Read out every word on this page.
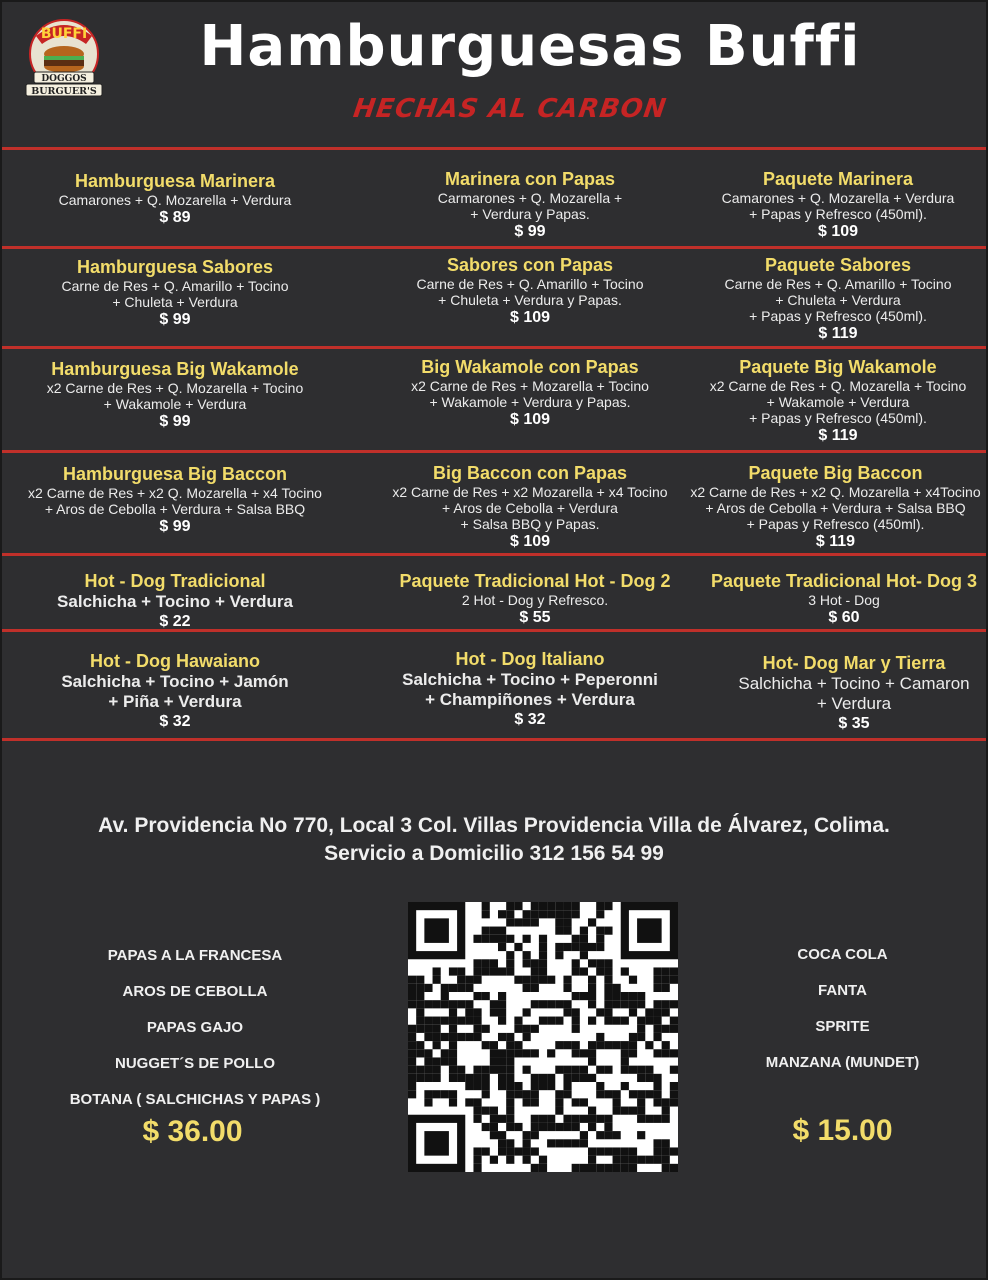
BUFFI
DOGGOS
BURGUER'S
Hamburguesas Buffi
HECHAS AL CARBON
Hamburguesa Marinera
Camarones + Q. Mozarella + Verdura
$ 89
Marinera con Papas
Carmarones + Q. Mozarella +
+ Verdura y Papas.
$ 99
Paquete Marinera
Camarones + Q. Mozarella + Verdura
+ Papas y Refresco (450ml).
$ 109
Hamburguesa Sabores
Carne de Res + Q. Amarillo + Tocino
+ Chuleta + Verdura
$ 99
Sabores con Papas
Carne de Res + Q. Amarillo + Tocino
+ Chuleta + Verdura y Papas.
$ 109
Paquete Sabores
Carne de Res + Q. Amarillo + Tocino
+ Chuleta + Verdura
+ Papas y Refresco (450ml).
$ 119
Hamburguesa Big Wakamole
x2 Carne de Res + Q. Mozarella + Tocino
+ Wakamole + Verdura
$ 99
Big Wakamole con Papas
x2 Carne de Res + Mozarella + Tocino
+ Wakamole + Verdura y Papas.
$ 109
Paquete Big Wakamole
x2 Carne de Res + Q. Mozarella + Tocino
+ Wakamole + Verdura
+ Papas y Refresco (450ml).
$ 119
Hamburguesa Big Baccon
x2 Carne de Res + x2 Q. Mozarella + x4 Tocino
+ Aros de Cebolla + Verdura + Salsa BBQ
$ 99
Big Baccon con Papas
x2 Carne de Res + x2 Mozarella + x4 Tocino
+ Aros de Cebolla + Verdura
+ Salsa BBQ y Papas.
$ 109
Paquete Big Baccon
x2 Carne de Res + x2 Q. Mozarella + x4Tocino
+ Aros de Cebolla + Verdura + Salsa BBQ
+ Papas y Refresco (450ml).
$ 119
Hot - Dog Tradicional
Salchicha + Tocino + Verdura
$ 22
Paquete Tradicional Hot - Dog 2
2 Hot - Dog y Refresco.
$ 55
Paquete Tradicional Hot- Dog 3
3 Hot - Dog
$ 60
Hot - Dog Hawaiano
Salchicha + Tocino + Jamón
+ Piña + Verdura
$ 32
Hot - Dog Italiano
Salchicha + Tocino + Peperonni
+ Champiñones + Verdura
$ 32
Hot- Dog Mar y Tierra
Salchicha + Tocino + Camaron
+ Verdura
$ 35
Av. Providencia No 770, Local 3 Col. Villas Providencia Villa de Álvarez, Colima.
Servicio a Domicilio 312 156 54 99
PAPAS A LA FRANCESA
AROS DE CEBOLLA
PAPAS GAJO
NUGGET´S DE POLLO
BOTANA ( SALCHICHAS Y PAPAS )
$ 36.00
COCA COLA
FANTA
SPRITE
MANZANA (MUNDET)
$ 15.00
